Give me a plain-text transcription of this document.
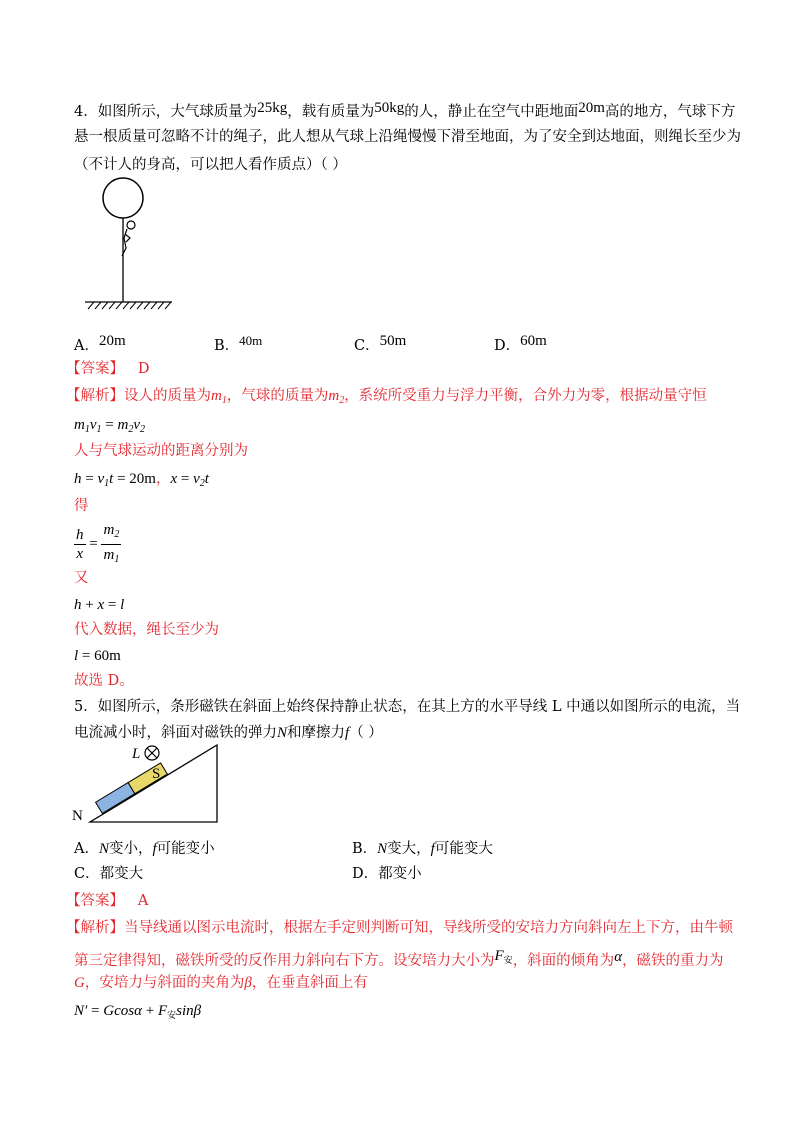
4．如图所示，大气球质量为25kg，载有质量为50kg的人，静止在空气中距地面20m高的地方，气球下方
悬一根质量可忽略不计的绳子，此人想从气球上沿绳慢慢下滑至地面，为了安全到达地面，则绳长至少为
（不计人的身高，可以把人看作质点）（ ）
A．20m	B．40m	C．50m	D．60m
【答案】 D
【解析】设人的质量为$m_1$，气球的质量为$m_2$，系统所受重力与浮力平衡，合外力为零，根据动量守恒
$m_1v_1 = m_2v_2$
人与气球运动的距离分别为
$h = v_1t = 20m$，$x = v_2t$
得
$\frac{h}{x} = \frac{m_2}{m_1}$
又
h + x = l
代入数据，绳长至少为
l = 60m
故选 D。
5．如图所示，条形磁铁在斜面上始终保持静止状态，在其上方的水平导线 L 中通以如图所示的电流，当
电流减小时，斜面对磁铁的弹力N和摩擦力f（ ）
L
S
N
A．N变小，f可能变小	B．N变大，f可能变大
C．都变大	D．都变小
【答案】 A
【解析】当导线通以图示电流时，根据左手定则判断可知，导线所受的安培力方向斜向左上下方，由牛顿
第三定律得知，磁铁所受的反作用力斜向右下方。设安培力大小为$F_安$，斜面的倾角为α，磁铁的重力为
G，安培力与斜面的夹角为β，在垂直斜面上有
$N' = Gcos\alpha + F_安\sin\beta$
